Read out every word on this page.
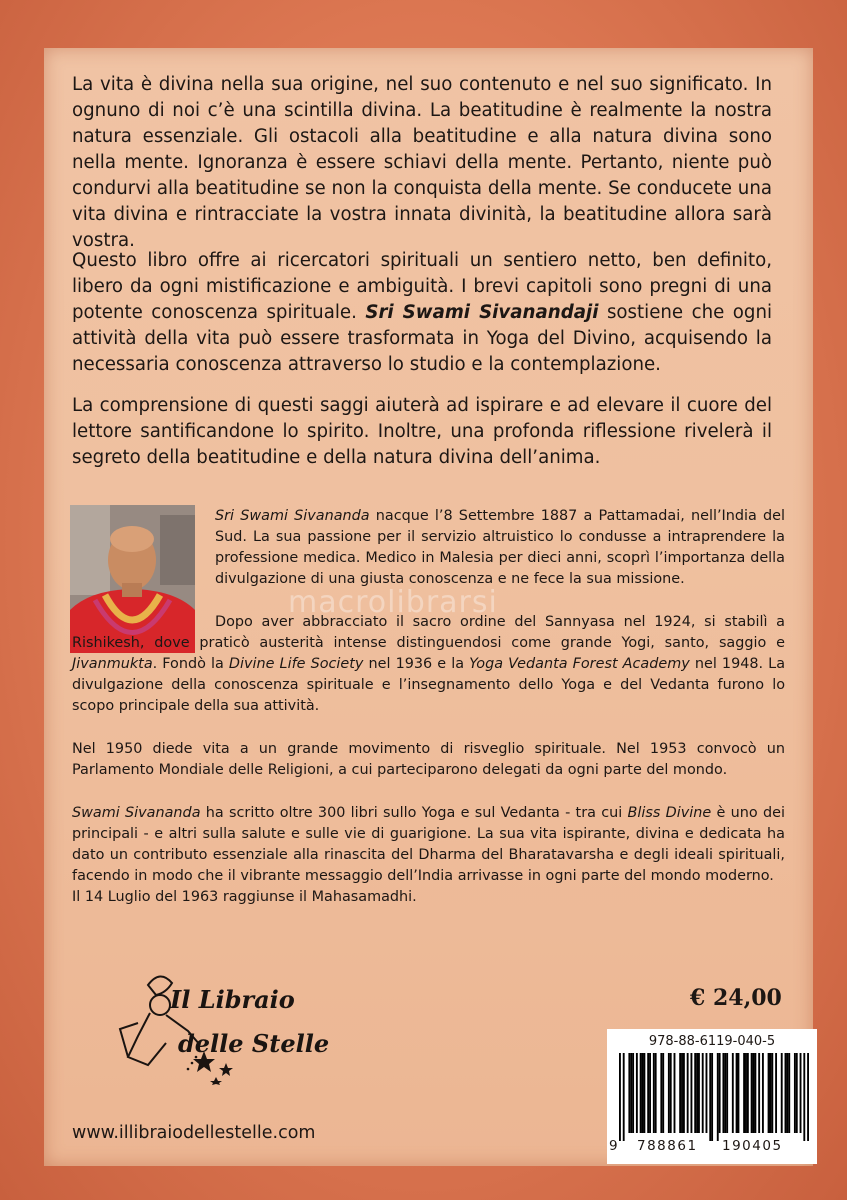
La vita è divina nella sua origine, nel suo contenuto e nel suo significato. In ognuno di noi c’è una scintilla divina. La beatitudine è realmente la nostra natura essenziale. Gli ostacoli alla beatitudine e alla natura divina sono nella mente. Ignoranza è essere schiavi della mente. Pertanto, niente può condurvi alla beatitudine se non la conquista della mente. Se conducete una vita divina e rintracciate la vostra innata divinità, la beatitudine allora sarà vostra.

Questo libro offre ai ricercatori spirituali un sentiero netto, ben definito, libero da ogni mistificazione e ambiguità. I brevi capitoli sono pregni di una potente conoscenza spirituale. Sri Swami Sivanandaji sostiene che ogni attività della vita può essere trasformata in Yoga del Divino, acquisendo la necessaria conoscenza attraverso lo studio e la contemplazione.

La comprensione di questi saggi aiuterà ad ispirare e ad elevare il cuore del lettore santificandone lo spirito. Inoltre, una profonda riflessione rivelerà il segreto della beatitudine e della natura divina dell’anima.

Sri Swami Sivananda nacque l’8 Settembre 1887 a Pattamadai, nell’India del Sud. La sua passione per il servizio altruistico lo condusse a intraprendere la professione medica. Medico in Malesia per dieci anni, scoprì l’importanza della divulgazione di una giusta conoscenza e ne fece la sua missione.

Dopo aver abbracciato il sacro ordine del Sannyasa nel 1924, si stabilì a Rishikesh, dove praticò austerità intense distinguendosi come grande Yogi, santo, saggio e Jivanmukta. Fondò la Divine Life Society nel 1936 e la Yoga Vedanta Forest Academy nel 1948. La divulgazione della conoscenza spirituale e l’insegnamento dello Yoga e del Vedanta furono lo scopo principale della sua attività.

Nel 1950 diede vita a un grande movimento di risveglio spirituale. Nel 1953 convocò un Parlamento Mondiale delle Religioni, a cui parteciparono delegati da ogni parte del mondo.

Swami Sivananda ha scritto oltre 300 libri sullo Yoga e sul Vedanta - tra cui Bliss Divine è uno dei principali - e altri sulla salute e sulle vie di guarigione. La sua vita ispirante, divina e dedicata ha dato un contributo essenziale alla rinascita del Dharma del Bharatavarsha e degli ideali spirituali, facendo in modo che il vibrante messaggio dell’India arrivasse in ogni parte del mondo moderno.
Il 14 Luglio del 1963 raggiunse il Mahasamadhi.

macrolibrarsi
Il Libraio
delle Stelle
www.illibraiodellestelle.com
€ 24,00
978-88-6119-040-5
9 788861 190405
